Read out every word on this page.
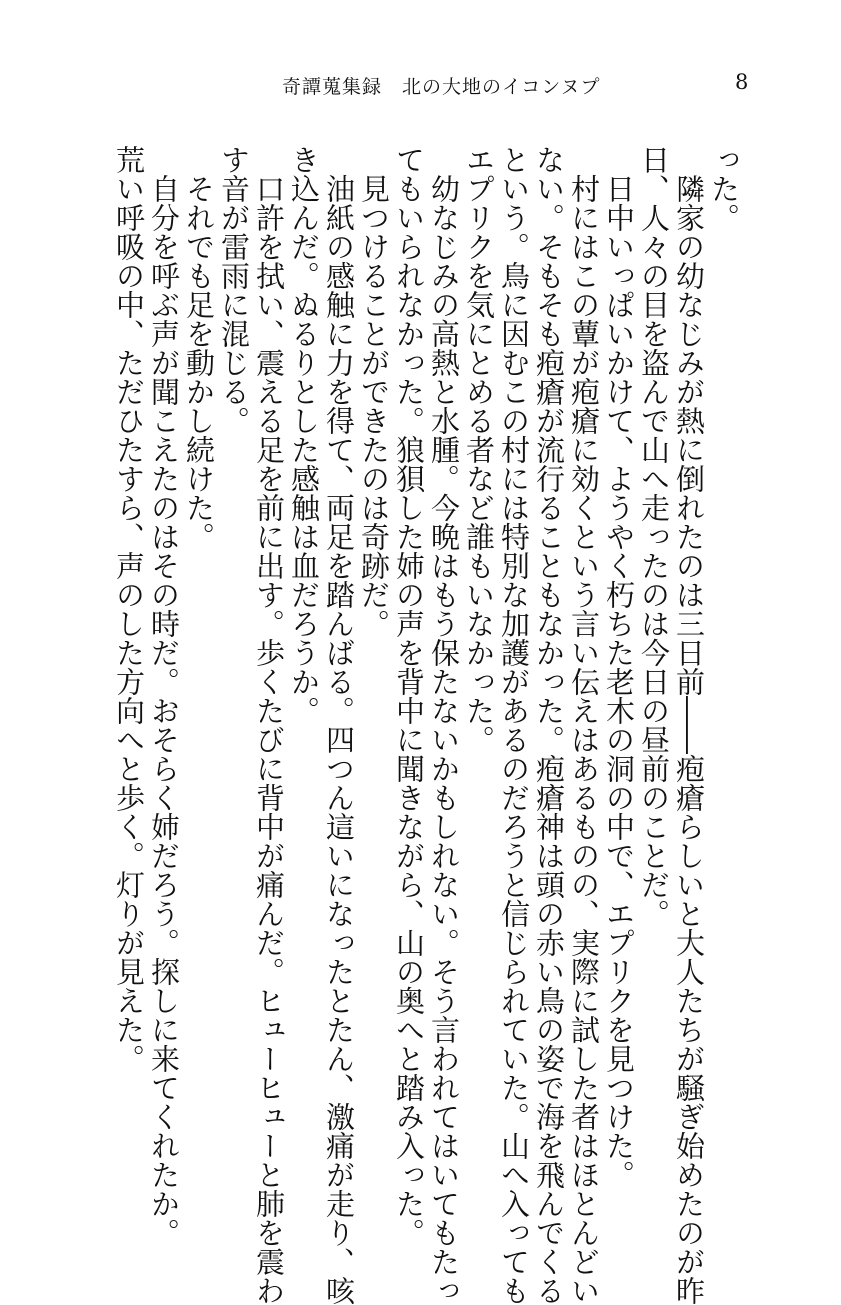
奇譚蒐集録　北の大地のイコンヌプ	8
った。
隣家の幼なじみが熱に倒れたのは三日前――疱瘡らしいと大人たちが騒ぎ始めたのが昨
日、人々の目を盗んで山へ走ったのは今日の昼前のことだ。
日中いっぱいかけて、ようやく朽ちた老木の洞の中で、エプリクを見つけた。
村にはこの蕈が疱瘡に効くという言い伝えはあるものの、実際に試した者はほとんどい
ない。そもそも疱瘡が流行ることもなかった。疱瘡神は頭の赤い鳥の姿で海を飛んでくる
という。鳥に因むこの村には特別な加護があるのだろうと信じられていた。山へ入っても
エプリクを気にとめる者など誰もいなかった。
幼なじみの高熱と水腫。今晩はもう保たないかもしれない。そう言われてはいてもたっ
てもいられなかった。狼狽した姉の声を背中に聞きながら、山の奥へと踏み入った。
見つけることができたのは奇跡だ。
油紙の感触に力を得て、両足を踏んばる。四つん這いになったとたん、激痛が走り、咳
き込んだ。ぬるりとした感触は血だろうか。
口許を拭い、震える足を前に出す。歩くたびに背中が痛んだ。ヒューヒューと肺を震わ
す音が雷雨に混じる。
それでも足を動かし続けた。
自分を呼ぶ声が聞こえたのはその時だ。おそらく姉だろう。探しに来てくれたか。
荒い呼吸の中、ただひたすら、声のした方向へと歩く。灯りが見えた。
